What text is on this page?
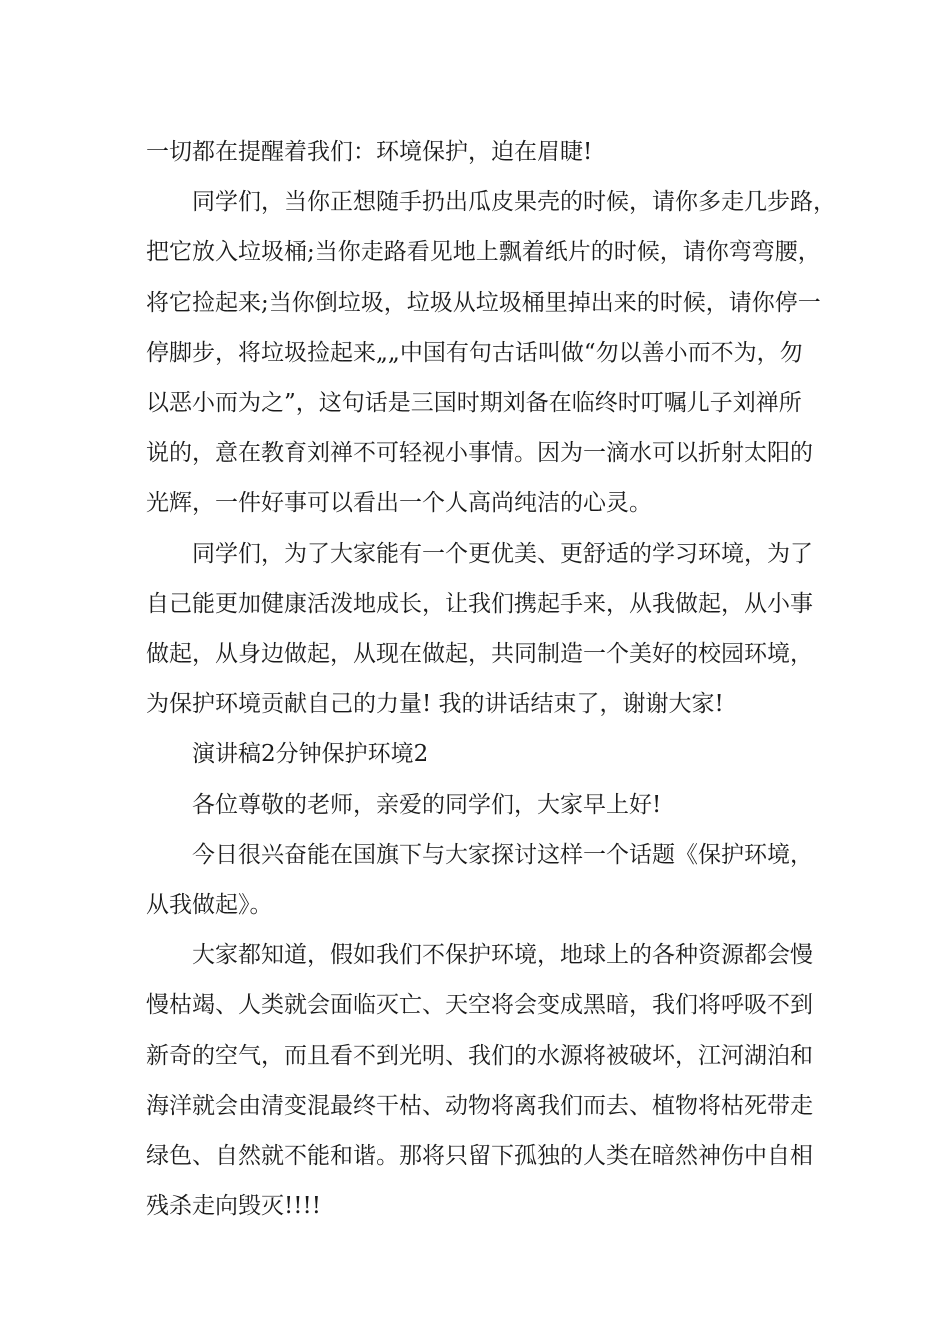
一切都在提醒着我们：环境保护，迫在眉睫!

同学们，当你正想随手扔出瓜皮果壳的时候，请你多走几步路，

把它放入垃圾桶;当你走路看见地上飘着纸片的时候，请你弯弯腰，

将它捡起来;当你倒垃圾，垃圾从垃圾桶里掉出来的时候，请你停一

停脚步，将垃圾捡起来„„中国有句古话叫做“勿以善小而不为，勿

以恶小而为之”，这句话是三国时期刘备在临终时叮嘱儿子刘禅所

说的，意在教育刘禅不可轻视小事情。因为一滴水可以折射太阳的

光辉，一件好事可以看出一个人高尚纯洁的心灵。

同学们，为了大家能有一个更优美、更舒适的学习环境，为了

自己能更加健康活泼地成长，让我们携起手来，从我做起，从小事

做起，从身边做起，从现在做起，共同制造一个美好的校园环境，

为保护环境贡献自己的力量! 我的讲话结束了，谢谢大家!

演讲稿2分钟保护环境2

各位尊敬的老师，亲爱的同学们，大家早上好!

今日很兴奋能在国旗下与大家探讨这样一个话题《保护环境，

从我做起》。

大家都知道，假如我们不保护环境，地球上的各种资源都会慢

慢枯竭、人类就会面临灭亡、天空将会变成黑暗，我们将呼吸不到

新奇的空气，而且看不到光明、我们的水源将被破坏，江河湖泊和

海洋就会由清变混最终干枯、动物将离我们而去、植物将枯死带走

绿色、自然就不能和谐。那将只留下孤独的人类在暗然神伤中自相

残杀走向毁灭!!!!
